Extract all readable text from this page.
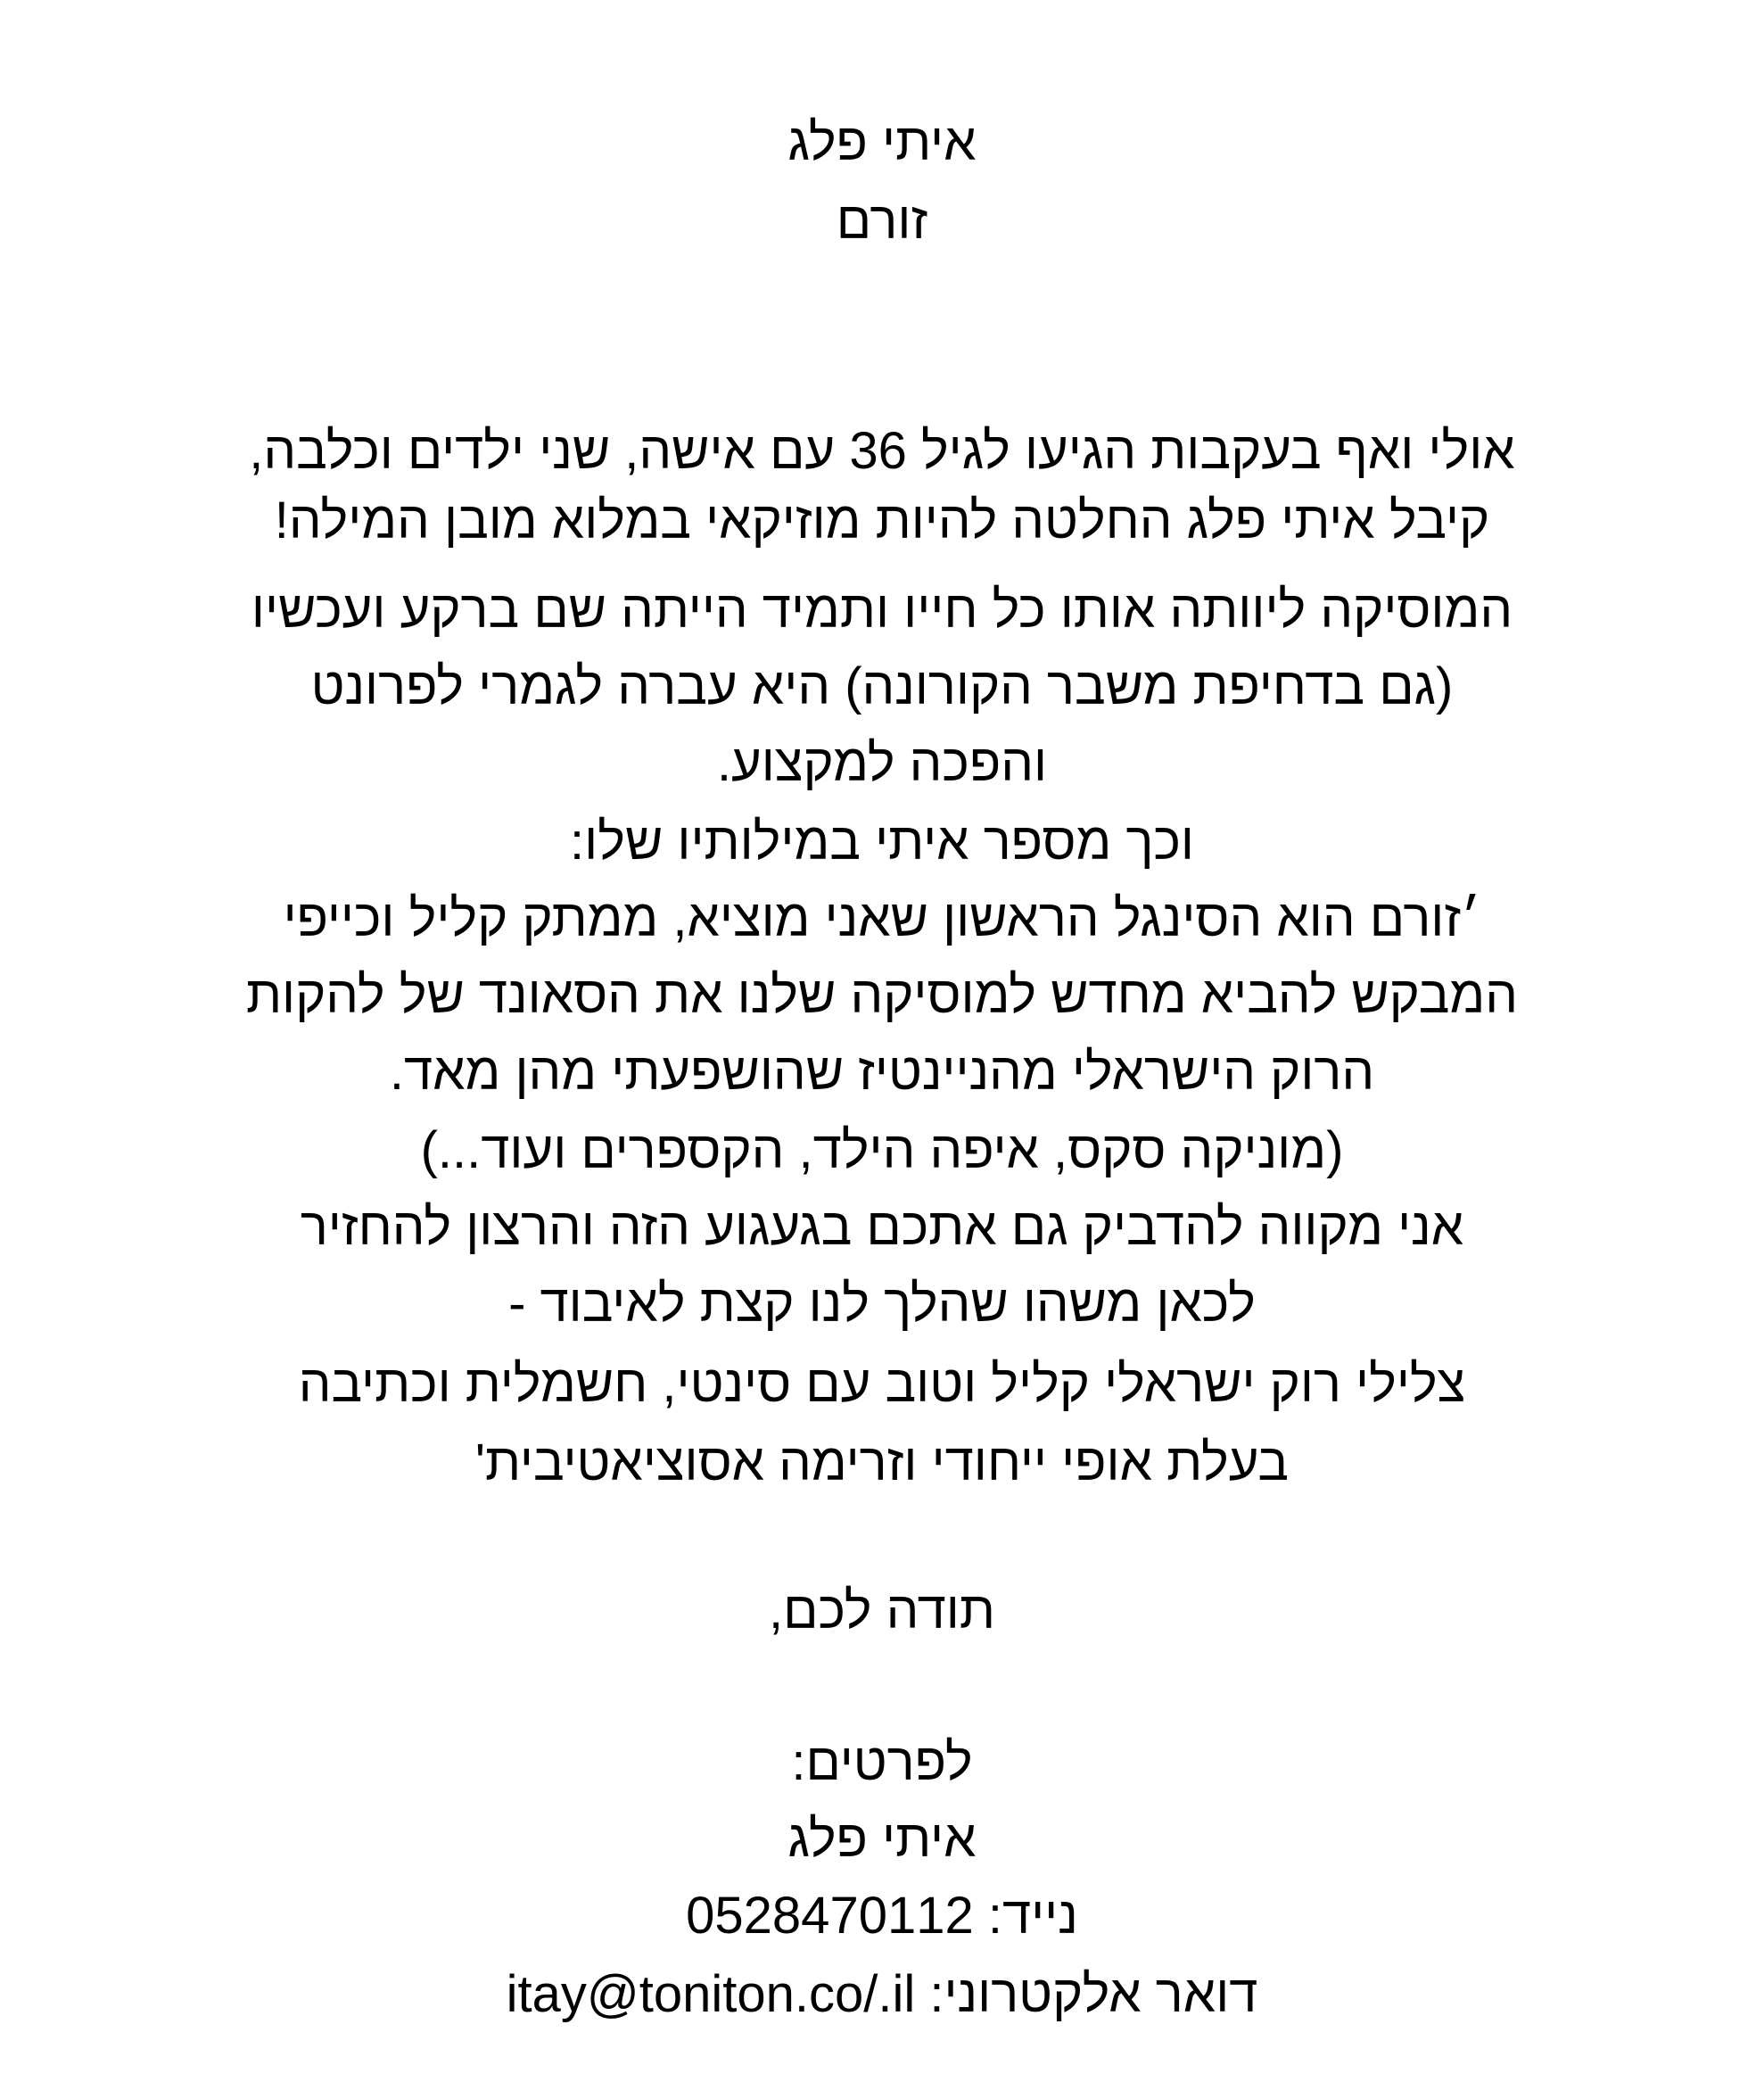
איתי פלג
זורם
אולי ואף בעקבות הגיעו לגיל 36 עם אישה, שני ילדים וכלבה,
קיבל איתי פלג החלטה להיות מוזיקאי במלוא מובן המילה!
המוסיקה ליוותה אותו כל חייו ותמיד הייתה שם ברקע ועכשיו
(גם בדחיפת משבר הקורונה) היא עברה לגמרי לפרונט
והפכה למקצוע.
וכך מספר איתי במילותיו שלו:
׳זורם הוא הסינגל הראשון שאני מוציא, ממתק קליל וכייפי
המבקש להביא מחדש למוסיקה שלנו את הסאונד של להקות
הרוק הישראלי מהניינטיז שהושפעתי מהן מאד.
(מוניקה סקס, איפה הילד, הקספרים ועוד...)
אני מקווה להדביק גם אתכם בגעגוע הזה והרצון להחזיר
לכאן משהו שהלך לנו קצת לאיבוד -
צלילי רוק ישראלי קליל וטוב עם סינטי, חשמלית וכתיבה
בעלת אופי ייחודי וזרימה אסוציאטיבית'
תודה לכם,
לפרטים:
איתי פלג
נייד: 0528470112
דואר אלקטרוני: itay@toniton.co/.il
